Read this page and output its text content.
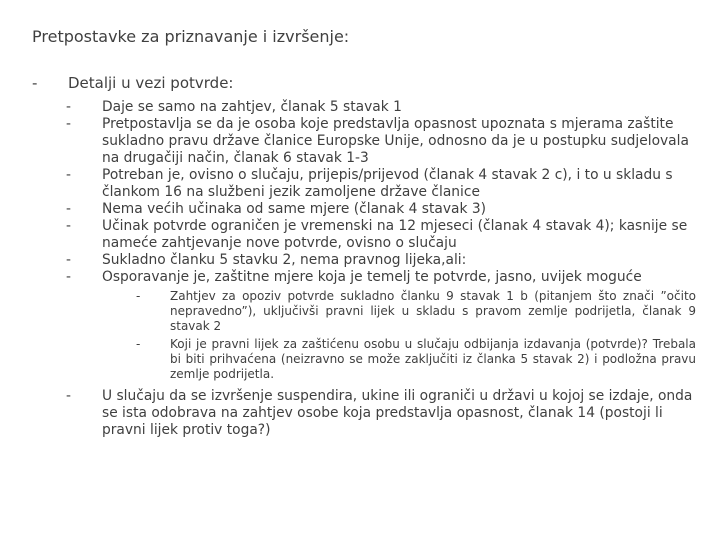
Pretpostavke za priznavanje i izvršenje:
- Detalji u vezi potvrde:
- Daje se samo na zahtjev, članak 5 stavak 1
- Pretpostavlja se da je osoba koje predstavlja opasnost upoznata s mjerama zaštite sukladno pravu države članice Europske Unije, odnosno da je u postupku sudjelovala na drugačiji način, članak 6 stavak 1-3
- Potreban je, ovisno o slučaju, prijepis/prijevod (članak 4 stavak 2 c), i to u skladu s člankom 16 na službeni jezik zamoljene države članice
- Nema većih učinaka od same mjere (članak 4 stavak 3)
- Učinak potvrde ograničen je vremenski na 12 mjeseci (članak 4 stavak 4); kasnije se nameće zahtjevanje nove potvrde, ovisno o slučaju
- Sukladno članku 5 stavku 2, nema pravnog lijeka,ali:
- Osporavanje je, zaštitne mjere koja je temelj te potvrde, jasno, uvijek moguće
- Zahtjev za opoziv potvrde sukladno članku 9 stavak 1 b (pitanjem što znači ”očito nepravedno”), uključivši pravni lijek u skladu s pravom zemlje podrijetla, članak 9 stavak 2
- Koji je pravni lijek za zaštićenu osobu u slučaju odbijanja izdavanja (potvrde)? Trebala bi biti prihvaćena (neizravno se može zaključiti iz članka 5 stavak 2) i podložna pravu zemlje podrijetla.
- U slučaju da se izvršenje suspendira, ukine ili ograniči u državi u kojoj se izdaje, onda se ista odobrava na zahtjev osobe koja predstavlja opasnost, članak 14 (postoji li pravni lijek protiv toga?)
